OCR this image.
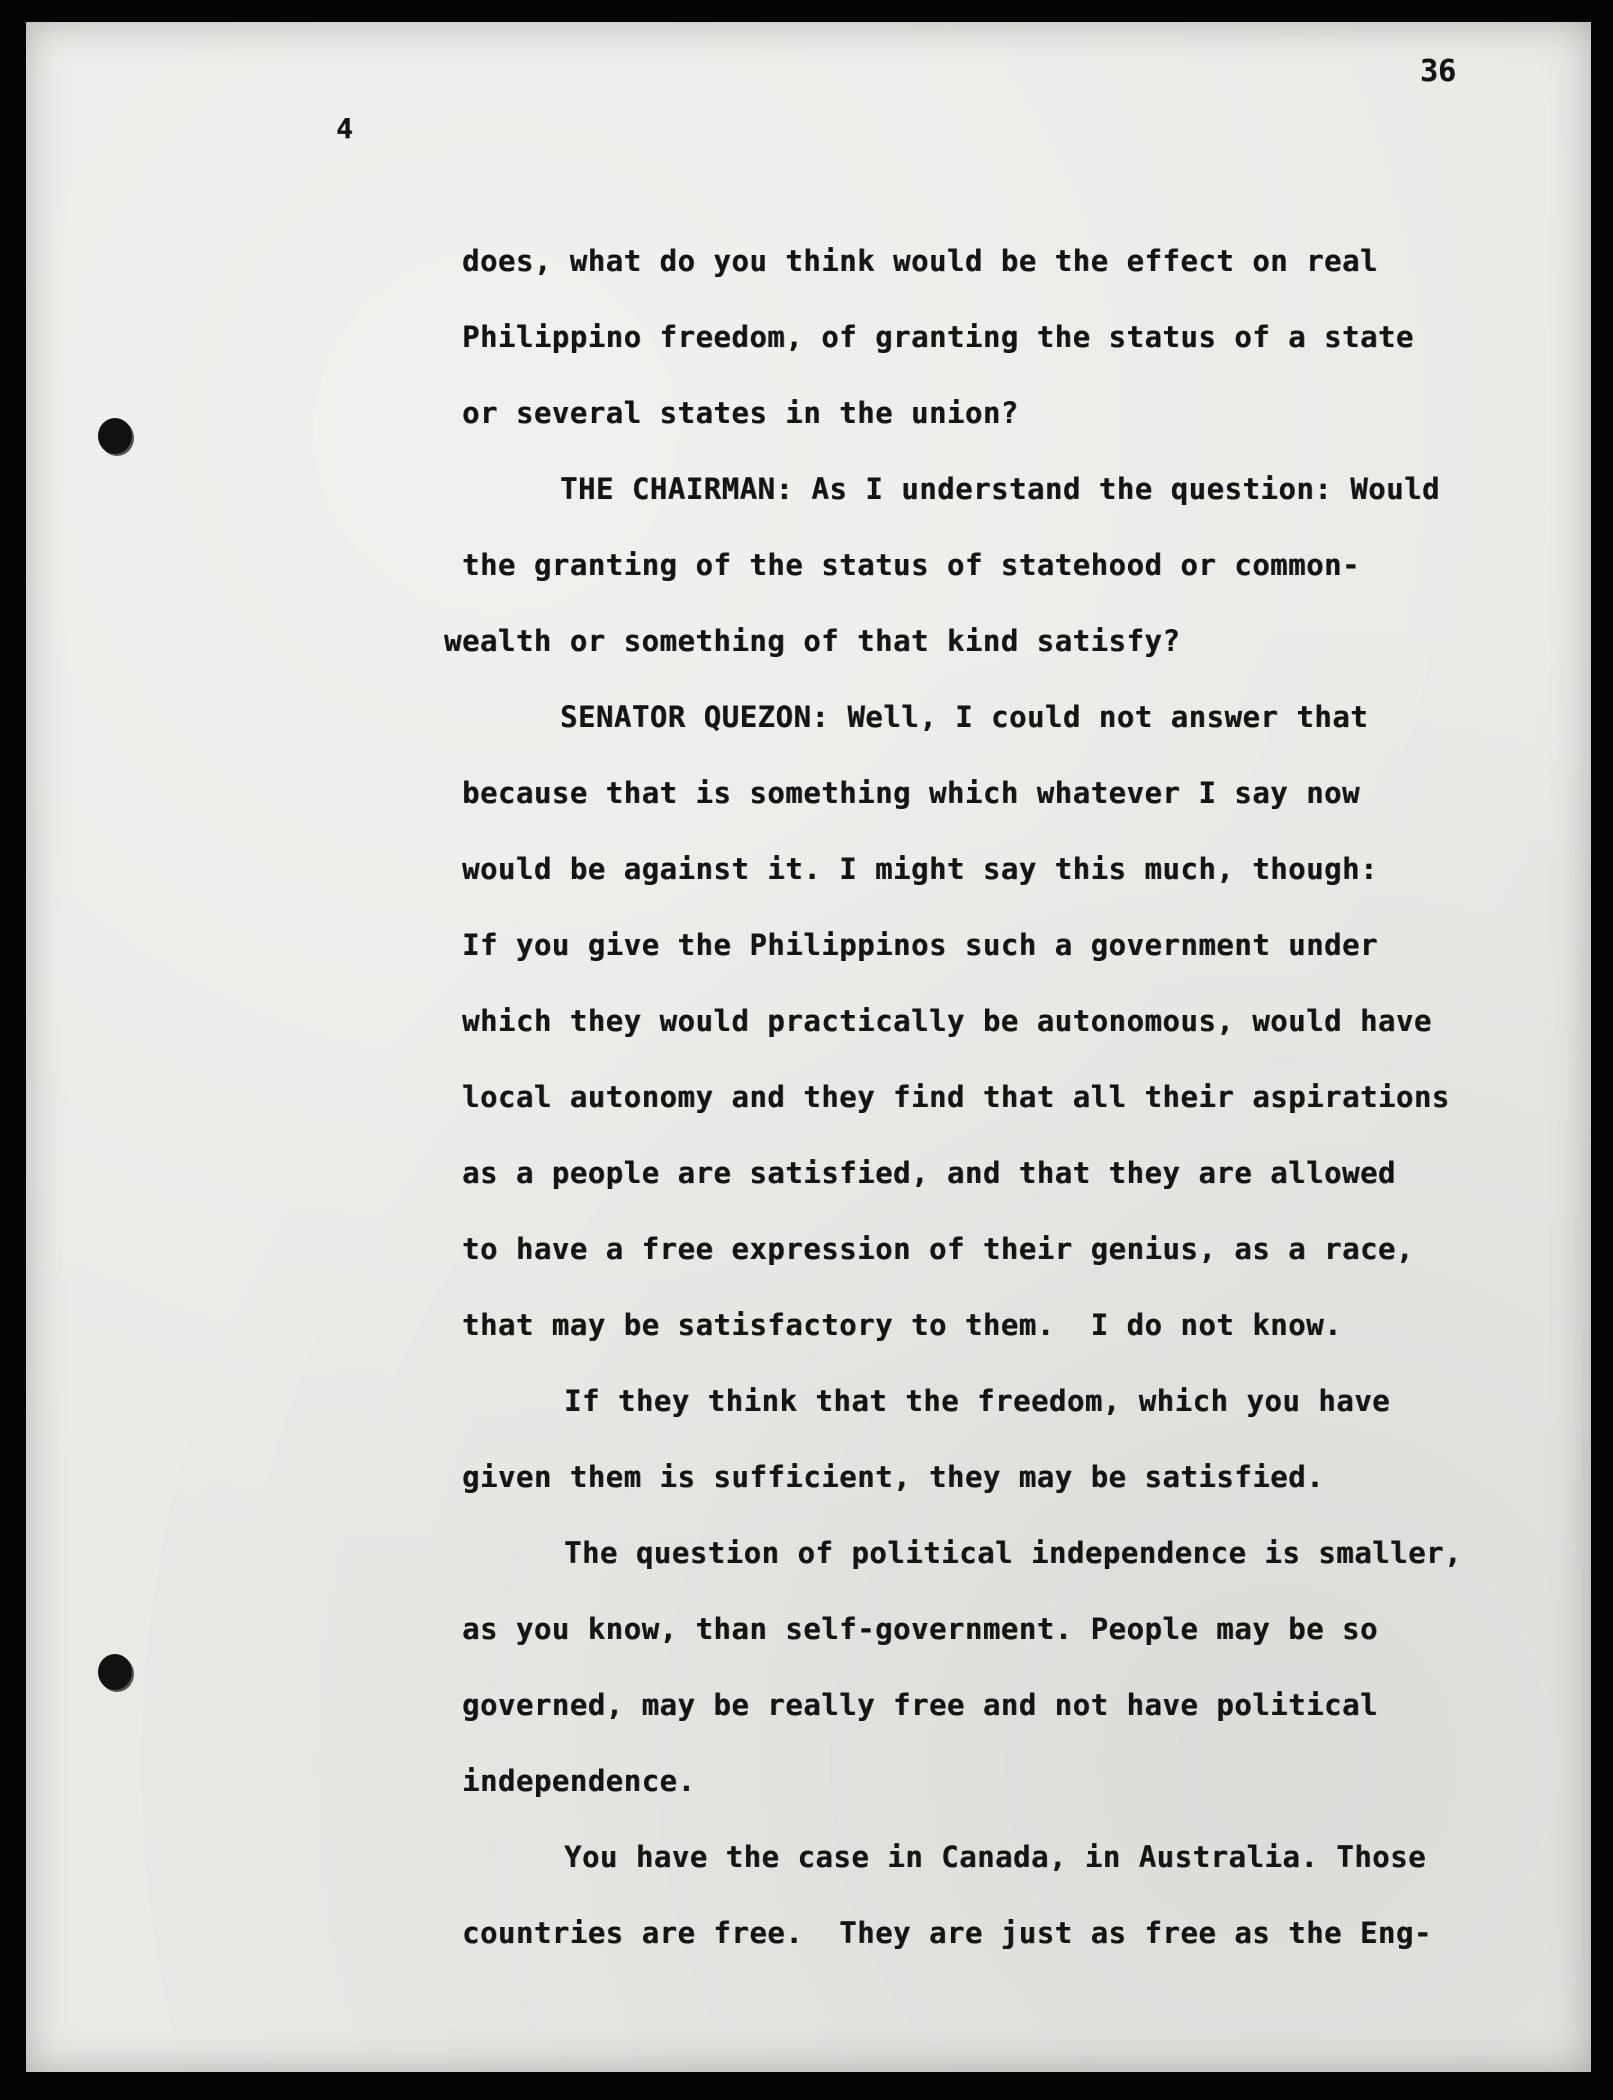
36
4
does, what do you think would be the effect on real
Philippino freedom, of granting the status of a state
or several states in the union?
THE CHAIRMAN: As I understand the question: Would
the granting of the status of statehood or common-
wealth or something of that kind satisfy?
SENATOR QUEZON: Well, I could not answer that
because that is something which whatever I say now
would be against it. I might say this much, though:
If you give the Philippinos such a government under
which they would practically be autonomous, would have
local autonomy and they find that all their aspirations
as a people are satisfied, and that they are allowed
to have a free expression of their genius, as a race,
that may be satisfactory to them.  I do not know.
If they think that the freedom, which you have
given them is sufficient, they may be satisfied.
The question of political independence is smaller,
as you know, than self-government. People may be so
governed, may be really free and not have political
independence.
You have the case in Canada, in Australia. Those
countries are free.  They are just as free as the Eng-
